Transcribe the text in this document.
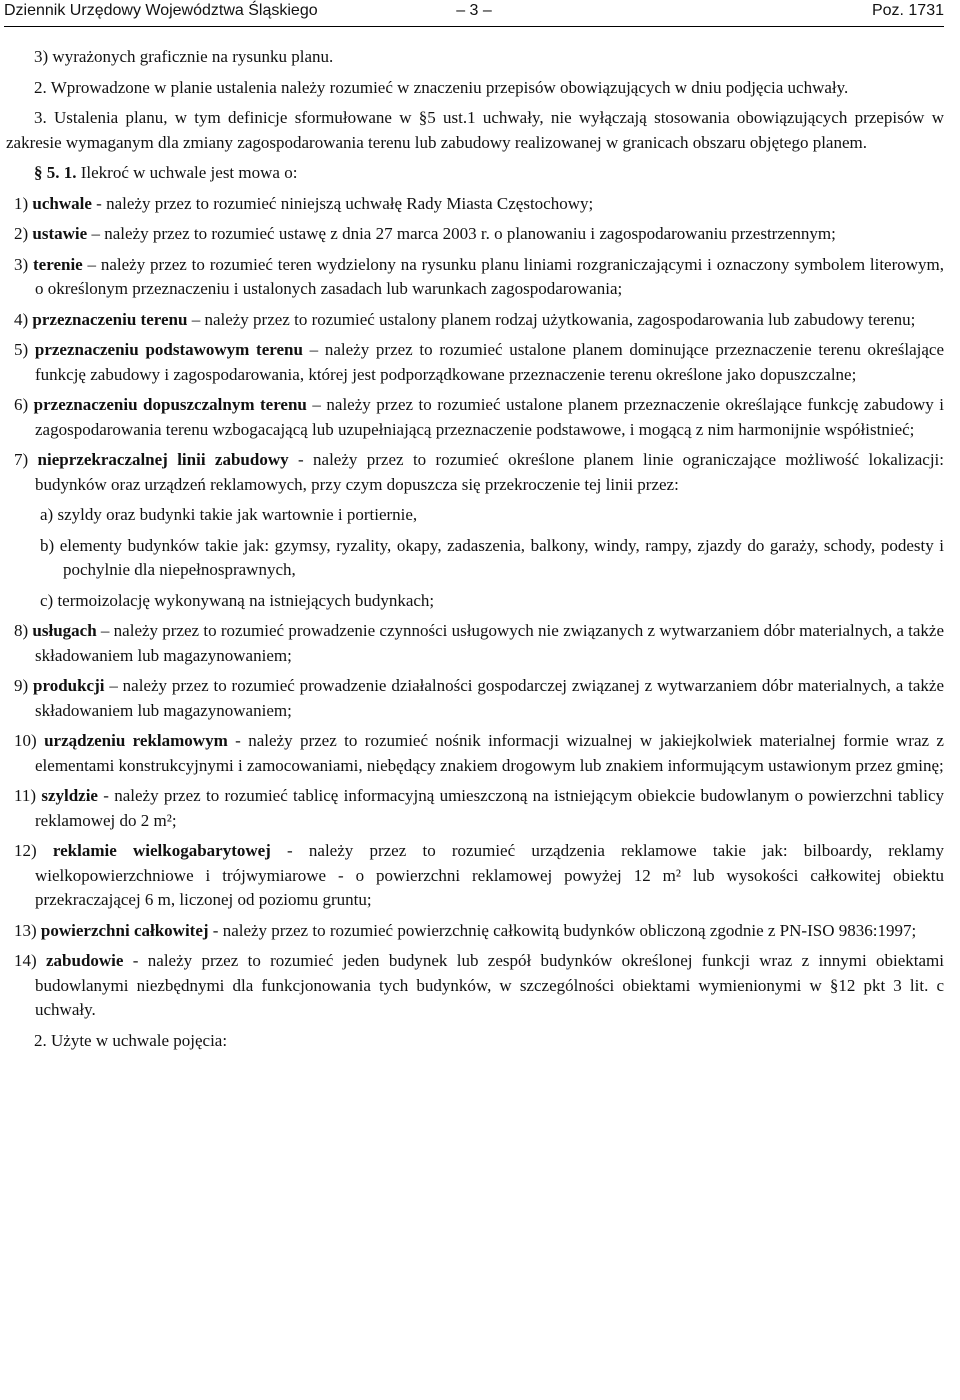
Dziennik Urzędowy Województwa Śląskiego	– 3 –	Poz. 1731

3) wyrażonych graficznie na rysunku planu.

2. Wprowadzone w planie ustalenia należy rozumieć w znaczeniu przepisów obowiązujących w dniu podjęcia uchwały.

3. Ustalenia planu, w tym definicje sformułowane w §5 ust.1 uchwały, nie wyłączają stosowania obowiązujących przepisów w zakresie wymaganym dla zmiany zagospodarowania terenu lub zabudowy realizowanej w granicach obszaru objętego planem.

§ 5. 1. Ilekroć w uchwale jest mowa o:

1) uchwale - należy przez to rozumieć niniejszą uchwałę Rady Miasta Częstochowy;

2) ustawie – należy przez to rozumieć ustawę z dnia 27 marca 2003 r. o planowaniu i zagospodarowaniu przestrzennym;

3) terenie – należy przez to rozumieć teren wydzielony na rysunku planu liniami rozgraniczającymi i oznaczony symbolem literowym, o określonym przeznaczeniu i ustalonych zasadach lub warunkach zagospodarowania;

4) przeznaczeniu terenu – należy przez to rozumieć ustalony planem rodzaj użytkowania, zagospodarowania lub zabudowy terenu;

5) przeznaczeniu podstawowym terenu – należy przez to rozumieć ustalone planem dominujące przeznaczenie terenu określające funkcję zabudowy i zagospodarowania, której jest podporządkowane przeznaczenie terenu określone jako dopuszczalne;

6) przeznaczeniu dopuszczalnym terenu – należy przez to rozumieć ustalone planem przeznaczenie określające funkcję zabudowy i zagospodarowania terenu wzbogacającą lub uzupełniającą przeznaczenie podstawowe, i mogącą z nim harmonijnie współistnieć;

7) nieprzekraczalnej linii zabudowy - należy przez to rozumieć określone planem linie ograniczające możliwość lokalizacji: budynków oraz urządzeń reklamowych, przy czym dopuszcza się przekroczenie tej linii przez:

a) szyldy oraz budynki takie jak wartownie i portiernie,

b) elementy budynków takie jak: gzymsy, ryzality, okapy, zadaszenia, balkony, windy, rampy, zjazdy do garaży, schody, podesty i pochylnie dla niepełnosprawnych,

c) termoizolację wykonywaną na istniejących budynkach;

8) usługach – należy przez to rozumieć prowadzenie czynności usługowych nie związanych z wytwarzaniem dóbr materialnych, a także składowaniem lub magazynowaniem;

9) produkcji – należy przez to rozumieć prowadzenie działalności gospodarczej związanej z wytwarzaniem dóbr materialnych, a także składowaniem lub magazynowaniem;

10) urządzeniu reklamowym - należy przez to rozumieć nośnik informacji wizualnej w jakiejkolwiek materialnej formie wraz z elementami konstrukcyjnymi i zamocowaniami, niebędący znakiem drogowym lub znakiem informującym ustawionym przez gminę;

11) szyldzie - należy przez to rozumieć tablicę informacyjną umieszczoną na istniejącym obiekcie budowlanym o powierzchni tablicy reklamowej do 2 m²;

12) reklamie wielkogabarytowej - należy przez to rozumieć urządzenia reklamowe takie jak: bilboardy, reklamy wielkopowierzchniowe i trójwymiarowe - o powierzchni reklamowej powyżej 12 m² lub wysokości całkowitej obiektu przekraczającej 6 m, liczonej od poziomu gruntu;

13) powierzchni całkowitej - należy przez to rozumieć powierzchnię całkowitą budynków obliczoną zgodnie z PN-ISO 9836:1997;

14) zabudowie - należy przez to rozumieć jeden budynek lub zespół budynków określonej funkcji wraz z innymi obiektami budowlanymi niezbędnymi dla funkcjonowania tych budynków, w szczególności obiektami wymienionymi w §12 pkt 3 lit. c uchwały.

2. Użyte w uchwale pojęcia:
